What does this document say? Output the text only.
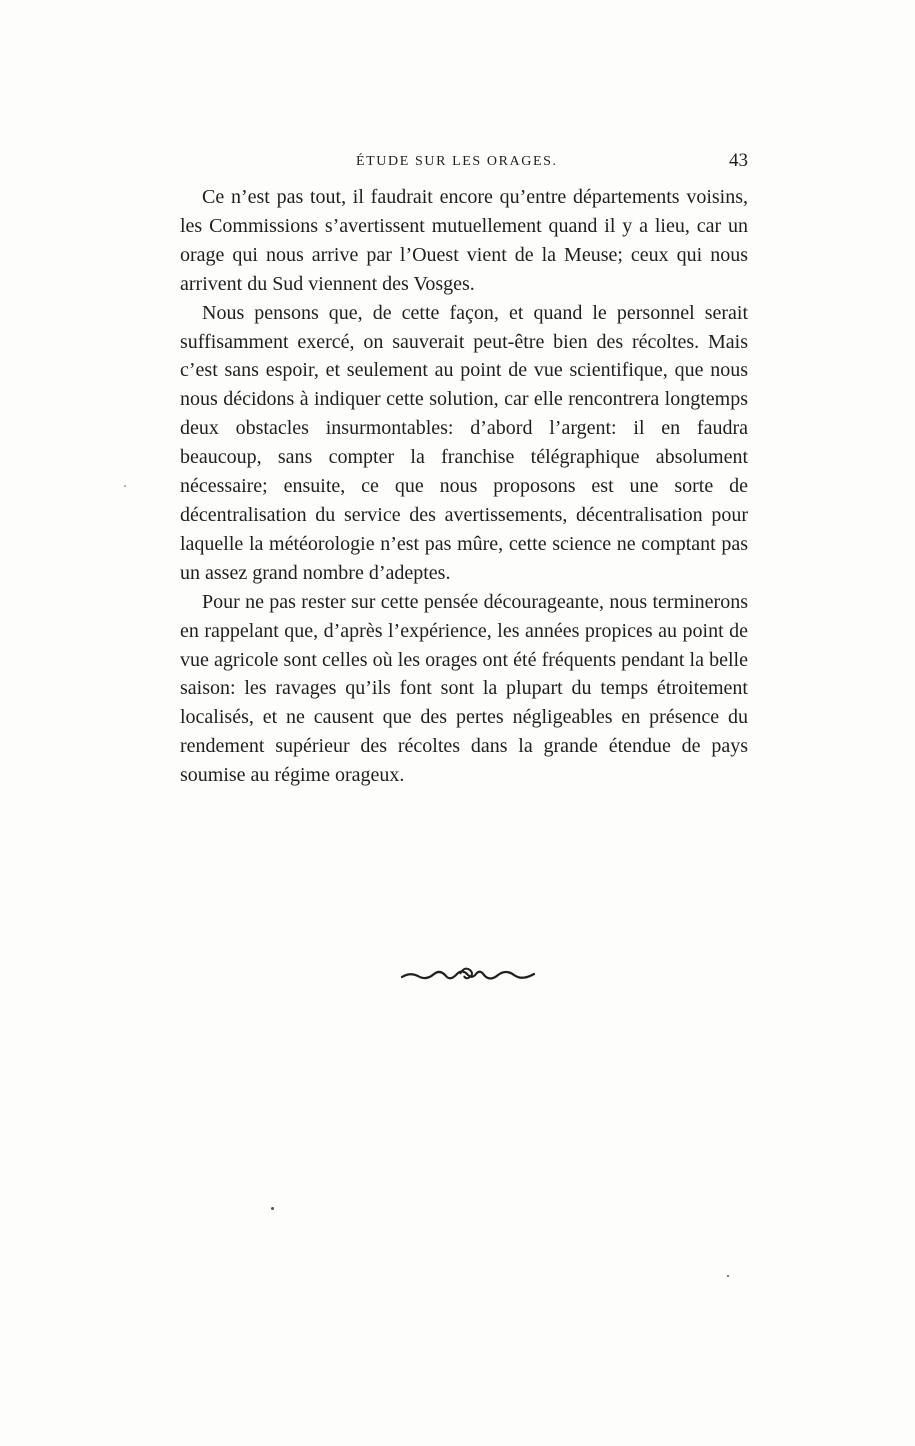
ÉTUDE SUR LES ORAGES.	43

Ce n’est pas tout, il faudrait encore qu’entre départements voisins, les Commissions s’avertissent mutuellement quand il y a lieu, car un orage qui nous arrive par l’Ouest vient de la Meuse; ceux qui nous arrivent du Sud viennent des Vosges.

Nous pensons que, de cette façon, et quand le personnel serait suffisamment exercé, on sauverait peut-être bien des récoltes. Mais c’est sans espoir, et seulement au point de vue scientifique, que nous nous décidons à indiquer cette solution, car elle rencontrera longtemps deux obstacles insurmontables: d’abord l’argent: il en faudra beaucoup, sans compter la franchise télégraphique absolument nécessaire; ensuite, ce que nous proposons est une sorte de décentralisation du service des avertissements, décentralisation pour laquelle la météorologie n’est pas mûre, cette science ne comptant pas un assez grand nombre d’adeptes.

Pour ne pas rester sur cette pensée décourageante, nous terminerons en rappelant que, d’après l’expérience, les années propices au point de vue agricole sont celles où les orages ont été fréquents pendant la belle saison: les ravages qu’ils font sont la plupart du temps étroitement localisés, et ne causent que des pertes négligeables en présence du rendement supérieur des récoltes dans la grande étendue de pays soumise au régime orageux.
